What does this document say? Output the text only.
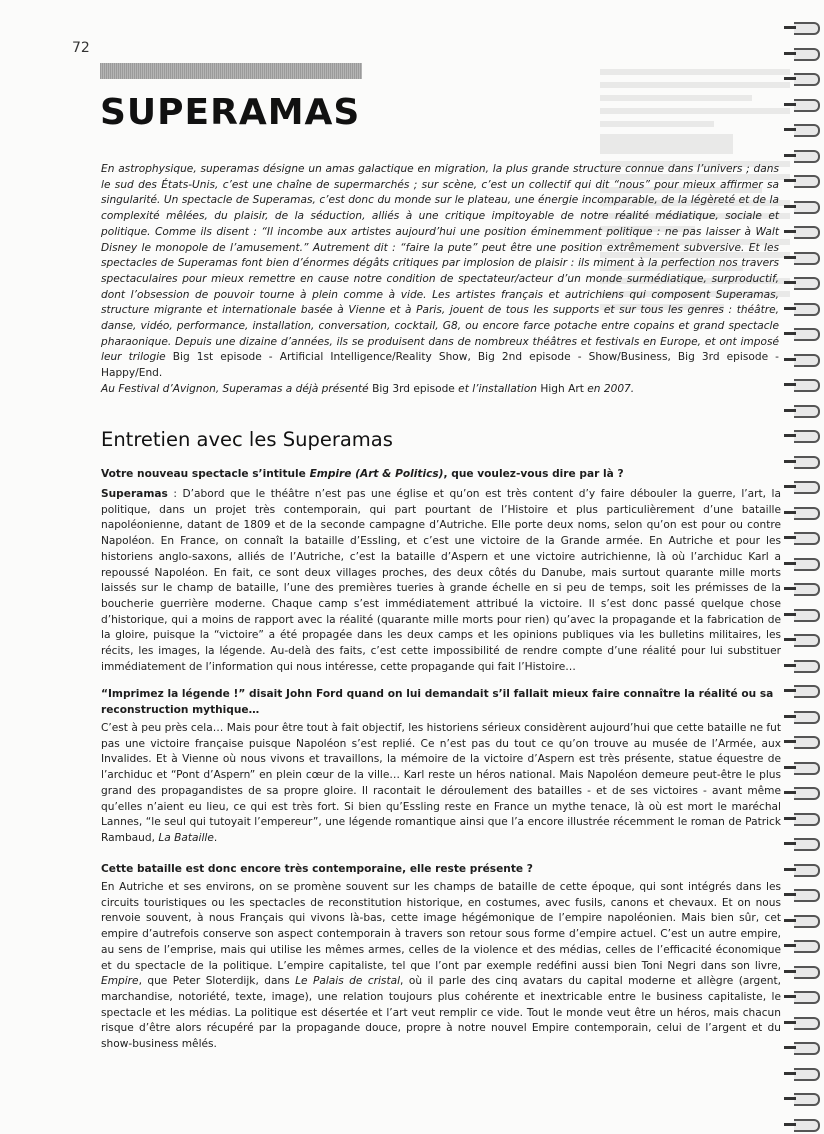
72
SUPERAMAS

En astrophysique, superamas désigne un amas galactique en migration, la plus grande structure connue dans l’univers ; dans le sud des États-Unis, c’est une chaîne de supermarchés ; sur scène, c’est un collectif qui dit “nous” pour mieux affirmer sa singularité. Un spectacle de Superamas, c’est donc du monde sur le plateau, une énergie incomparable, de la légèreté et de la complexité mêlées, du plaisir, de la séduction, alliés à une critique impitoyable de notre réalité médiatique, sociale et politique. Comme ils disent : “Il incombe aux artistes aujourd’hui une position éminemment politique : ne pas laisser à Walt Disney le monopole de l’amusement.” Autrement dit : “faire la pute” peut être une position extrêmement subversive. Et les spectacles de Superamas font bien d’énormes dégâts critiques par implosion de plaisir : ils miment à la perfection nos travers spectaculaires pour mieux remettre en cause notre condition de spectateur/acteur d’un monde surmédiatique, surproductif, dont l’obsession de pouvoir tourne à plein comme à vide. Les artistes français et autrichiens qui composent Superamas, structure migrante et internationale basée à Vienne et à Paris, jouent de tous les supports et sur tous les genres : théâtre, danse, vidéo, performance, installation, conversation, cocktail, G8, ou encore farce potache entre copains et grand spectacle pharaonique. Depuis une dizaine d’années, ils se produisent dans de nombreux théâtres et festivals en Europe, et ont imposé leur trilogie Big 1st episode - Artificial Intelligence/Reality Show, Big 2nd episode - Show/Business, Big 3rd episode - Happy/End.

Au Festival d’Avignon, Superamas a déjà présenté Big 3rd episode et l’installation High Art en 2007.

Entretien avec les Superamas

Votre nouveau spectacle s’intitule Empire (Art & Politics), que voulez-vous dire par là ?

Superamas : D’abord que le théâtre n’est pas une église et qu’on est très content d’y faire débouler la guerre, l’art, la politique, dans un projet très contemporain, qui part pourtant de l’Histoire et plus particulièrement d’une bataille napoléonienne, datant de 1809 et de la seconde campagne d’Autriche. Elle porte deux noms, selon qu’on est pour ou contre Napoléon. En France, on connaît la bataille d’Essling, et c’est une victoire de la Grande armée. En Autriche et pour les historiens anglo-saxons, alliés de l’Autriche, c’est la bataille d’Aspern et une victoire autrichienne, là où l’archiduc Karl a repoussé Napoléon. En fait, ce sont deux villages proches, des deux côtés du Danube, mais surtout quarante mille morts laissés sur le champ de bataille, l’une des premières tueries à grande échelle en si peu de temps, soit les prémisses de la boucherie guerrière moderne. Chaque camp s’est immédiatement attribué la victoire. Il s’est donc passé quelque chose d’historique, qui a moins de rapport avec la réalité (quarante mille morts pour rien) qu’avec la propagande et la fabrication de la gloire, puisque la “victoire” a été propagée dans les deux camps et les opinions publiques via les bulletins militaires, les récits, les images, la légende. Au-delà des faits, c’est cette impossibilité de rendre compte d’une réalité pour lui substituer immédiatement de l’information qui nous intéresse, cette propagande qui fait l’Histoire…

“Imprimez la légende !” disait John Ford quand on lui demandait s’il fallait mieux faire connaître la réalité ou sa reconstruction mythique…

C’est à peu près cela… Mais pour être tout à fait objectif, les historiens sérieux considèrent aujourd’hui que cette bataille ne fut pas une victoire française puisque Napoléon s’est replié. Ce n’est pas du tout ce qu’on trouve au musée de l’Armée, aux Invalides. Et à Vienne où nous vivons et travaillons, la mémoire de la victoire d’Aspern est très présente, statue équestre de l’archiduc et “Pont d’Aspern” en plein cœur de la ville… Karl reste un héros national. Mais Napoléon demeure peut-être le plus grand des propagandistes de sa propre gloire. Il racontait le déroulement des batailles - et de ses victoires - avant même qu’elles n’aient eu lieu, ce qui est très fort. Si bien qu’Essling reste en France un mythe tenace, là où est mort le maréchal Lannes, “le seul qui tutoyait l’empereur”, une légende romantique ainsi que l’a encore illustrée récemment le roman de Patrick Rambaud, La Bataille.

Cette bataille est donc encore très contemporaine, elle reste présente ?

En Autriche et ses environs, on se promène souvent sur les champs de bataille de cette époque, qui sont intégrés dans les circuits touristiques ou les spectacles de reconstitution historique, en costumes, avec fusils, canons et chevaux. Et on nous renvoie souvent, à nous Français qui vivons là-bas, cette image hégémonique de l’empire napoléonien. Mais bien sûr, cet empire d’autrefois conserve son aspect contemporain à travers son retour sous forme d’empire actuel. C’est un autre empire, au sens de l’emprise, mais qui utilise les mêmes armes, celles de la violence et des médias, celles de l’efficacité économique et du spectacle de la politique. L’empire capitaliste, tel que l’ont par exemple redéfini aussi bien Toni Negri dans son livre, Empire, que Peter Sloterdijk, dans Le Palais de cristal, où il parle des cinq avatars du capital moderne et allègre (argent, marchandise, notoriété, texte, image), une relation toujours plus cohérente et inextricable entre le business capitaliste, le spectacle et les médias. La politique est désertée et l’art veut remplir ce vide. Tout le monde veut être un héros, mais chacun risque d’être alors récupéré par la propagande douce, propre à notre nouvel Empire contemporain, celui de l’argent et du show-business mêlés.
